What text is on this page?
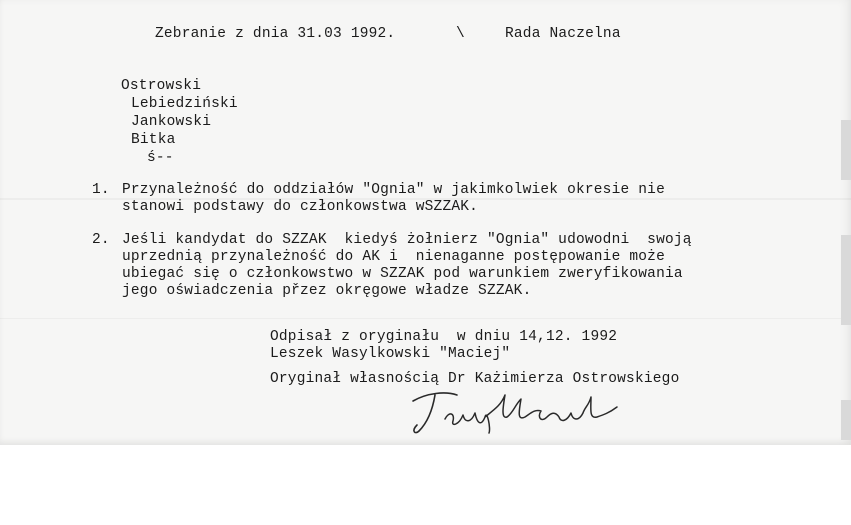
Zebranie z dnia 31.03 1992.	\	Rada Naczelna
Ostrowski
Lebiedziński
Jankowski
Bitka
ś--
1. Przynależność do oddziałów "Ognia" w jakimkolwiek okresie nie
stanowi podstawy do członkowstwa wSZZAK.
2. Jeśli kandydat do SZZAK  kiedyś żołnierz "Ognia" udowodni  swoją
uprzednią przynależność do AK i  nienaganne postępowanie może
ubiegać się o członkowstwo w SZZAK pod warunkiem zweryfikowania
jego oświadczenia přzez okręgowe władze SZZAK.
Odpisał z oryginału  w dniu 14,12. 1992
Leszek Wasylkowski "Maciej"
Oryginał własnością Dr Każimierza Ostrowskiego
